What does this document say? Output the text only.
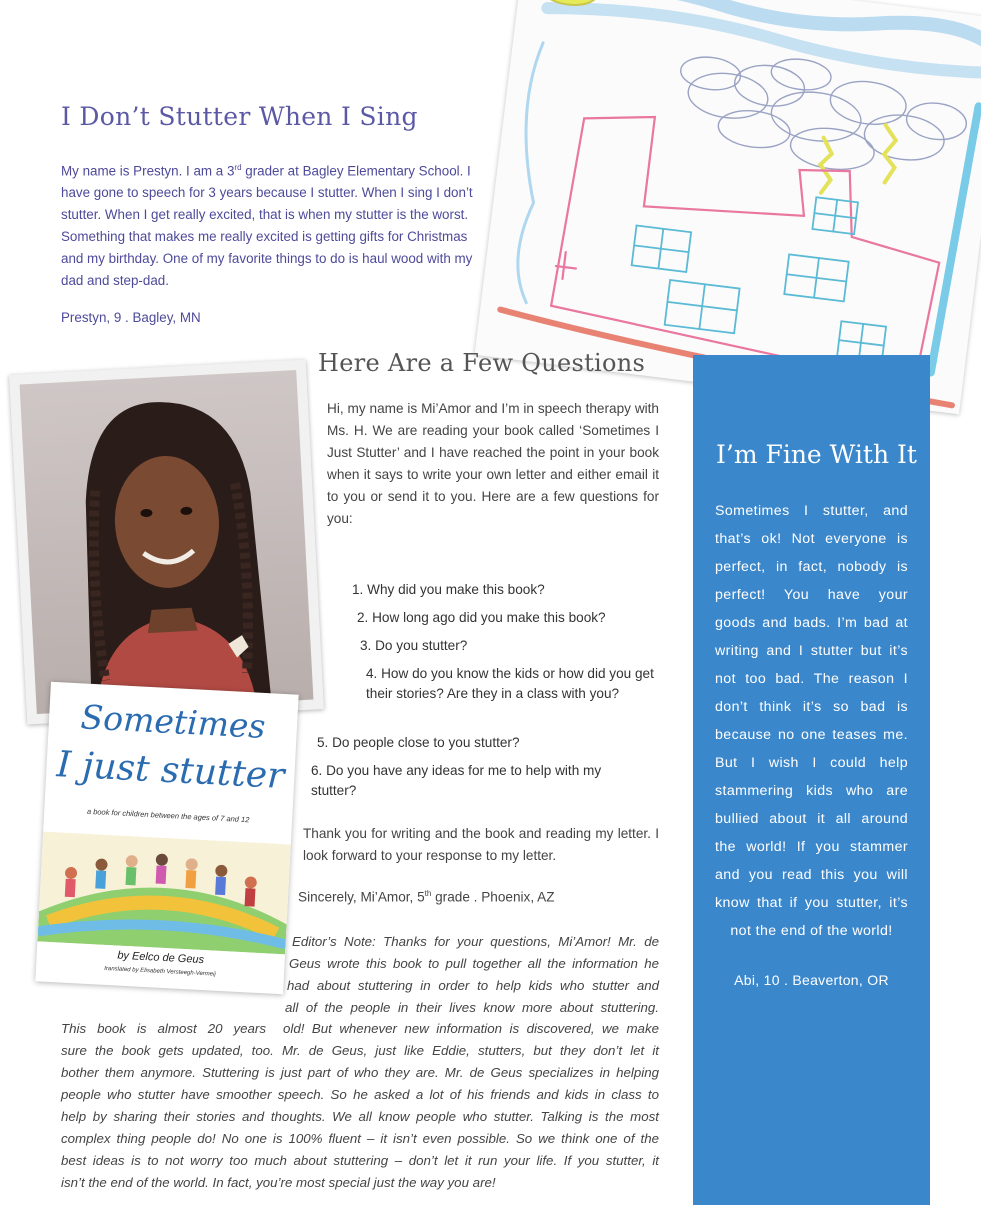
I Don’t Stutter When I Sing

My name is Prestyn. I am a 3rd grader at Bagley Elementary School. I have gone to speech for 3 years because I stutter. When I sing I don’t stutter. When I get really excited, that is when my stutter is the worst. Something that makes me really excited is getting gifts for Christmas and my birthday. One of my favorite things to do is haul wood with my dad and step-dad.

Prestyn, 9 . Bagley, MN
I’m Fine With It

Sometimes I stutter, and that’s ok! Not everyone is perfect, in fact, nobody is perfect! You have your goods and bads. I’m bad at writing and I stutter but it’s not too bad. The reason I don’t think it’s so bad is because no one teases me. But I wish I could help stammering kids who are bullied about it all around the world! If you stammer and you read this you will know that if you stutter, it’s not the end of the world!

Abi, 10 . Beaverton, OR
Sometimes
I just stutter
a book for children between the ages of 7 and 12
by Eelco de Geus
translated by Elisabeth Versteegh-Vermeij
Here Are a Few Questions

Hi, my name is Mi’Amor and I’m in speech therapy with Ms. H. We are reading your book called ‘Sometimes I Just Stutter’ and I have reached the point in your book when it says to write your own letter and either email it to you or send it to you. Here are a few questions for you:

1. Why did you make this book?
2. How long ago did you make this book?
3. Do you stutter?
4. How do you know the kids or how did you get their stories? Are they in a class with you?
5. Do people close to you stutter?
6. Do you have any ideas for me to help with my stutter?

Thank you for writing and the book and reading my letter. I look forward to your response to my letter.

Sincerely, Mi’Amor, 5th grade . Phoenix, AZ
Editor’s Note: Thanks for your questions, Mi’Amor! Mr. de
Geus wrote this book to pull together all the information he
had about stuttering in order to help kids who stutter and
all of the people in their lives know more about stuttering.
This book is almost 20 years old! But whenever new information is discovered, we make
sure the book gets updated, too. Mr. de Geus, just like Eddie, stutters, but they don’t let it
bother them anymore. Stuttering is just part of who they are. Mr. de Geus specializes in helping
people who stutter have smoother speech. So he asked a lot of his friends and kids in class to
help by sharing their stories and thoughts. We all know people who stutter. Talking is the most
complex thing people do! No one is 100% fluent – it isn’t even possible. So we think one of the
best ideas is to not worry too much about stuttering – don’t let it run your life. If you stutter, it
isn’t the end of the world. In fact, you’re most special just the way you are!
